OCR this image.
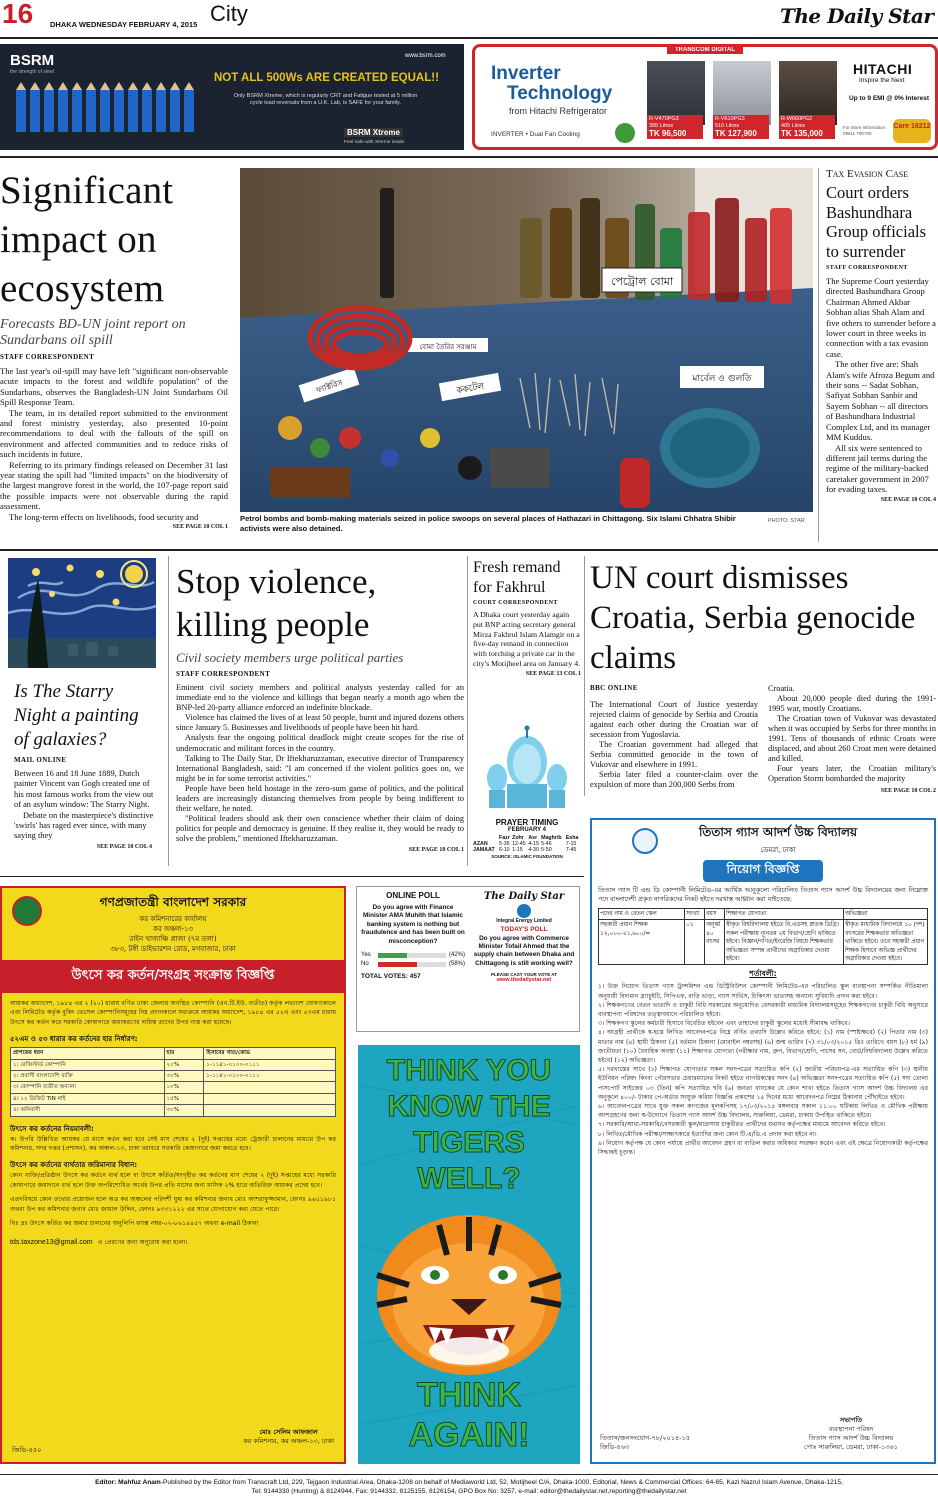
16 DHAKA WEDNESDAY FEBRUARY 4, 2015 City	The Daily Star
BSRM
the strength of steel
www.bsrm.com
NOT ALL 500Ws ARE CREATED EQUAL!!
Only BSRM Xtreme, which is regularly CRT and Fatigue tested at 5 million cycle load reversals from a U.K. Lab, is SAFE for your family.
BSRM Xtreme
Feel safe with Xtreme inside
TRANSCOM DIGITAL
Inverter
Technology
from Hitachi Refrigerator
INVERTER • Dual Fan Cooling
R-V470PG3
395 Litres
TK 96,500
R-V610PG3
510 Litres
TK 127,900
R-W660PG2
405 Litres
TK 135,000
HITACHI
Inspire the Next
Up to 9 EMI @ 0% Interest
For More Information 09611 700700
Care 16212
Significant impact on ecosystem
Forecasts BD-UN joint report on Sundarbans oil spill
STAFF CORRESPONDENT

The last year's oil-spill may have left "significant non-observable acute impacts to the forest and wildlife population" of the Sundarbans, observes the Bangladesh-UN Joint Sundarbans Oil Spill Response Team.

The team, in its detailed report submitted to the environment and forest ministry yesterday, also presented 10-point recommendations to deal with the fallouts of the spill on environment and affected communities and to reduce risks of such incidents in future.

Referring to its primary findings released on December 31 last year stating the spill had "limited impacts" on the biodiversity of the largest mangrove forest in the world, the 107-page report said the possible impacts were not observable during the rapid assessment.

The long-term effects on livelihoods, food security and

SEE PAGE 10 COL 1
পেট্রোল বোমা
ফ্যাক্টরিস	ককটেল
বোমা তৈরির সরঞ্জাম
মার্বেল ও গুলতি
Petrol bombs and bomb-making materials seized in police swoops on several places of Hathazari in Chittagong. Six Islami Chhatra Shibir activists were also detained.
PHOTO: STAR
Tax Evasion Case
Court orders Bashundhara Group officials to surrender
STAFF CORRESPONDENT

The Supreme Court yesterday directed Bashundhara Group Chairman Ahmed Akbar Sobhan alias Shah Alam and five others to surrender before a lower court in three weeks in connection with a tax evasion case.

The other five are: Shah Alam's wife Afroza Begum and their sons -- Sadat Sobhan, Safiyat Sobhan Sanbir and Sayem Sobhan -- all directors of Bashundhara Industrial Complex Ltd, and its manager MM Kuddus.

All six were sentenced to different jail terms during the regime of the military-backed caretaker government in 2007 for evading taxes.

SEE PAGE 10 COL 4
Is The Starry Night a painting of galaxies?
MAIL ONLINE

Between 16 and 18 June 1889, Dutch painter Vincent van Gogh created one of his most famous works from the view out of an asylum window: The Starry Night.

Debate on the masterpiece's distinctive 'swirls' has raged ever since, with many saying they

SEE PAGE 10 COL 4
Stop violence, killing people
Civil society members urge political parties
STAFF CORRESPONDENT

Eminent civil society members and political analysts yesterday called for an immediate end to the violence and killings that began nearly a month ago when the BNP-led 20-party alliance enforced an indefinite blockade.

Violence has claimed the lives of at least 50 people, burnt and injured dozens others since January 5. Businesses and livelihoods of people have been hit hard.

Analysts fear the ongoing political deadlock might create scopes for the rise of undemocratic and militant forces in the country.

Talking to The Daily Star, Dr Iftekharuzzaman, executive director of Transparency International Bangladesh, said: "I am concerned if the violent politics goes on, we might be in for some terrorist activities."

People have been held hostage in the zero-sum game of politics, and the political leaders are increasingly distancing themselves from people by being indifferent to their welfare, he noted.

"Political leaders should ask their own conscience whether their claim of doing politics for people and democracy is genuine. If they realise it, they would be ready to solve the problem," mentioned Iftekharuzzaman.

SEE PAGE 10 COL 1
Fresh remand for Fakhrul
COURT CORRESPONDENT

A Dhaka court yesterday again put BNP acting secretary general Mirza Fakhrul Islam Alamgir on a five-day remand in connection with torching a private car in the city's Motijheel area on January 4.

SEE PAGE 13 COL 1
PRAYER TIMING
FEBRUARY 4
	Fazr	Zohr	Asr	Maghrib	Esha
AZAN	5-35	12-45	4-15	5-46	7-15
JAMAAT	6-10	1-15	4-30	5-50	7-45
SOURCE: ISLAMIC FOUNDATION
UN court dismisses Croatia, Serbia genocide claims
BBC ONLINE

The International Court of Justice yesterday rejected claims of genocide by Serbia and Croatia against each other during the Croatian war of secession from Yugoslavia.

The Croatian government had alleged that Serbia committed genocide in the town of Vukovar and elsewhere in 1991.

Serbia later filed a counter-claim over the expulsion of more than 200,000 Serbs from

Croatia.

About 20,000 people died during the 1991-1995 war, mostly Croatians.

The Croatian town of Vukovar was devastated when it was occupied by Serbs for three months in 1991. Tens of thousands of ethnic Croats were displaced, and about 260 Croat men were detained and killed.

Four years later, the Croatian military's Operation Storm bombarded the majority

SEE PAGE 10 COL 2
তিতাস গ্যাস আদর্শ উচ্চ বিদ্যালয়
ডেমরা, ঢাকা
নিয়োগ বিজ্ঞপ্তি
তিতাস গ্যাস টি এন্ড ডি কোম্পানী লিমিটেড-এর আর্থিক আনুকূল্যে পরিচালিত তিতাস গ্যাস আদর্শ উচ্চ বিদ্যালয়ের জন্য নিম্নোক্ত পদে বাংলাদেশী প্রকৃত নাগরিকদের নিকট হইতে দরখাস্ত আহ্বান করা যাইতেছে:
পদের নাম ও বেতন স্কেল	সংখ্যা	বয়স	শিক্ষাগত যোগ্যতা	অভিজ্ঞতা
সহকারী প্রধান শিক্ষক ১২,০০০-২১,৬০০/=	০১	অনূর্ধ্ব ৪০ বৎসর	স্বীকৃত বিশ্ববিদ্যালয় হইতে বি.এডসহ স্নাতক ডিগ্রি। সকল পরীক্ষায় ন্যূনতম ২য় বিভাগ/শ্রেণি থাকিতে হইবে। বিজ্ঞান/গণিত/ইংরেজি বিষয়ে শিক্ষকতার অভিজ্ঞতা সম্পন্ন প্রার্থীদের অগ্রাধিকার দেওয়া হইবে।	স্বীকৃত মাধ্যমিক বিদ্যালয়ে ১০ (দশ) বৎসরের শিক্ষকতার অভিজ্ঞতা থাকিতে হইবে। তবে সহকারী প্রধান শিক্ষক হিসাবে অভিজ্ঞ প্রার্থীদের অগ্রাধিকার দেওয়া হইবে।
শর্তাবলী:
১। উক্ত নিয়োগ তিতাস গ্যাস ট্রান্সমিশন এন্ড ডিস্ট্রিবিউশন কোম্পানী লিমিটেড-এর পরিচালিত স্কুল ব্যবস্থাপনা সম্পর্কিত নীতিমালা অনুযায়ী বিদ্যমান গ্র্যাচুইটি, সিপিএফ, বাড়ি ভাড়া, গ্যাস সার্ভিস, চিকিৎসা ভাতাসহ অন্যান্য সুবিধাদি প্রদান করা হইবে।
২। শিক্ষকগণের বেতন ভাতাদি ও চাকুরী বিধি সরকারের অনুমোদিত বেসরকারী মাধ্যমিক বিদ্যালয়সমূহের শিক্ষকগণের চাকুরী বিধি অনুসারে ব্যবস্থাপনা পরিষদের তত্ত্বাবধানে পরিচালিত হইবে।
৩। শিক্ষকগণ স্কুলের কর্মচারী হিসাবে বিবেচিত হইবেন এবং তাহাদের চাকুরী স্কুলের মধ্যেই সীমাবদ্ধ থাকিবে।
৪। আগ্রহী প্রার্থীকে স্ব-হস্তে লিখিত আবেদনপত্রে নিম্নে বর্ণিত তথ্যাদি উল্লেখ করিতে হইবে: (১) নাম (স্পষ্টাক্ষরে) (২) পিতার নাম (৩) মাতার নাম (৪) স্থায়ী ঠিকানা (৫) বর্তমান ঠিকানা (মোবাইল নম্বরসহ) (৬) জন্ম তারিখ (৭) ৩১/০৩/২০১৫ খ্রিঃ তারিখে বয়স (৮) ধর্ম (৯) জাতীয়তা (১০) বৈবাহিক অবস্থা (১১) শিক্ষাগত যোগ্যতা (পরীক্ষার নাম, গ্রুপ, বিভাগ/শ্রেণি, পাসের সন, বোর্ড/বিশ্ববিদ্যালয় উল্লেখ করিতে হইবে) (১২) অভিজ্ঞতা।
৫। দরখাস্তের সাথে (১) শিক্ষাগত যোগ্যতার সকল সনদপত্রের সত্যায়িত কপি (২) জাতীয় পরিচয়পত্র-এর সত্যায়িত কপি (৩) স্থানীয় ইউনিয়ন পরিষদ কিংবা পৌরসভার চেয়ারম্যানের নিকট হইতে নাগরিকত্বের সনদ (৪) অভিজ্ঞতা সনদপত্রের সত্যায়িত কপি (৫) সদ্য তোলা পাসপোর্ট সাইজের ০৩ (তিন) কপি সত্যায়িত ছবি (৬) জনতা ব্যাংকের যে কোন শাখা হইতে তিতাস গ্যাস আদর্শ উচ্চ বিদ্যালয় এর অনুকূলে ৪০০/- টাকার পে-অর্ডার সংযুক্ত করিয়া বিজ্ঞপ্তি প্রকাশের ১৫ দিনের মধ্যে আবেদনপত্র নিম্নের ঠিকানায় পৌঁছাইতে হইবে।
৬। আবেদনপত্রের সাথে যুক্ত সকল কাগজের মূলকপিসহ ১৭/০৩/২০১৫ মঙ্গলবার সকাল ১১:০০ ঘটিকায় লিখিত ও মৌখিক পরীক্ষায় অংশগ্রহণের জন্য স্ব-উদ্যোগে তিতাস গ্যাস আদর্শ উচ্চ বিদ্যালয়, সারুলিয়া, ডেমরা, ঢাকায় উপস্থিত থাকিতে হইবে।
৭। সরকারি/আধা-সরকারি/বেসরকারী স্কুল/মাদ্রাসায় চাকুরীরত প্রার্থীদের যথাযথ কর্তৃপক্ষের মাধ্যমে আবেদন করিতে হইবে।
৮। লিখিত/মৌখিক পরীক্ষা/সাক্ষাৎকারে ইত্যাদির জন্য কোন টি.এ/ডি.এ প্রদান করা হইবে না।
৯। নিয়োগ কর্তৃপক্ষ যে কোন পর্যায়ে প্রার্থীর আবেদন গ্রহণ বা বাতিল করার অধিকার সংরক্ষণ করেন এবং এই ক্ষেত্রে নিয়োগকারী কর্তৃপক্ষের সিদ্ধান্তই চূড়ান্ত।
সভাপতি
ব্যবস্থাপনা পরিষদ
তিতাস গ্যাস আদর্শ উচ্চ বিদ্যালয়
পোঃ সারুলিয়া, ডেমরা, ঢাকা-১৩৬১
তিতাস/জনসংযোগ-৭৮/২০১৪-১৫
জিডি-৪৬৩
গণপ্রজাতন্ত্রী বাংলাদেশ সরকার
কর কমিশনারের কার্যালয়
কর অঞ্চল-১৩
রাইন খাজাঞ্চি প্লাজা (৭ম তলা)
৩৮৩, টঙ্গী ডাইভারশন রোড, মগবাজার, ঢাকা
উৎসে কর কর্তন/সংগ্রহ সংক্রান্ত বিজ্ঞপ্তি
আয়কর অধ্যাদেশ, ১৯৮৪ এর ২ (২০) ধারায় বর্ণিত ঢাকা জেলায় অবস্থিত কোম্পানি (এন.টি.ইউ. ব্যতীত) কর্তৃক লভ্যাংশ ঘোষণাকালে এবং লিমিটেড কর্তৃক বুকিং ভেসেল কোম্পানিসমূহের নিম্ন প্রদানকালে যথাক্রমে আয়কর অধ্যাদেশ, ১৯৮৪ এর ৫২এ এবং ৫৩এম ধারায় উৎসে কর কর্তন করে সরকারি কোষাগারে জমাকরণের দায়িত্ব তাদের উপর ন্যস্ত করা হয়েছে।
৫২এম ও ৫৩ ধারার কর কর্তনের হার নির্ধারণ:
প্রাপকের ধরন	হার	হিসাবের খাত/কোড
১। রেজিস্টার্ড কোম্পানি	২০%	১-১১৪১-০১০০-০১১১
২। প্রবাসী বাংলাদেশি ব্যক্তি	৩০%	১-১১৪১-০১০০-০১১১
৩। কোম্পানি ব্যতীত অন্যান্য	১০%	
৪। ১২ ডিজিট TIN নাই	১৫%	
৫। অনিবাসী	৩০%	
উৎসে কর কর্তনের নিয়মাবলী:
ক। উপরি উল্লিখিত আয়কর যে মাসে কর্তন করা হবে সেই মাস শেষের ২ (দুই) সপ্তাহের মধ্যে ট্রেজারী চালানের মাধ্যমে উপ কর কমিশনার, সদর দপ্তর (প্রশাসন), কর অঞ্চল-১৩, ঢাকা বরাবরে সরকারি কোষাগারে জমা করতে হবে।
উৎসে কর কর্তনের ব্যর্থতার জরিমানার বিধান:
কোন ব্যক্তি/প্রতিষ্ঠান উৎসে কর কর্তনে ব্যর্থ হলে বা উৎসে কর্তিত/সংগৃহীত কর কর্তনের মাস শেষের ২ (দুই) সপ্তাহের মধ্যে সরকারি কোষাগারে জমাদানে ব্যর্থ হলে উক্ত অপরিশোধিত অর্থের উপর প্রতি মাসের জন্য মাসিক ২% হারে অতিরিক্ত আয়কর প্রদেয় হবে।
এতদবিষয়ে কোন তথ্যের প্রয়োজন হলে অত্র কর অঞ্চলের পরিদর্শী যুগ্ম কর কমিশনার জনাব মোঃ আশরাফুজ্জামান, ফোনঃ ৯৬৫১৯৮১ অথবা উপ কর কমিশনার জনাব মোঃ জামাল উদ্দিন, ফোনঃ ৯৩৩১২২২ এর সাথে যোগাযোগ করা যেতে পারে।
বিঃ দ্রঃ উৎসে কর্তিত কর জমার চালানের অনুলিপি ফ্যাক্স নম্বর-০২-৮৬১৯৪৫৭ অথবা e-mail ঠিকানা
tds.taxzone13@gmail.com এ প্রেরণের জন্য অনুরোধ করা হলো।
মোঃ সেলিম আফজাল
কর কমিশনার, কর অঞ্চল-১৩, ঢাকা
জিডি-৪৫০
ONLINE POLL
Do you agree with Finance Minister AMA Muhith that Islamic banking system is nothing but fraudulence and has been built on misconception?
Yes	(42%)
No	(58%)
TOTAL VOTES: 457
The Daily Star
Integral Energy Limited
TODAY'S POLL
Do you agree with Commerce Minister Tofail Ahmed that the supply chain between Dhaka and Chittagong is still working well?
PLEASE CAST YOUR VOTE AT
www.thedailystar.net
THINK YOU KNOW THE TIGERS WELL?
THINK AGAIN!
Editor: Mahfuz Anam-Published by the Editor from Transcraft Ltd, 229, Tejgaon Industrial Area, Dhaka-1208 on behalf of Mediaworld Ltd, 52, Motijheel C/A, Dhaka-1000. Editorial, News & Commercial Offices: 64-65, Kazi Nazrul Islam Avenue, Dhaka-1215,
Tel: 9144330 (Hunting) & 8124944, Fax: 9144332, 8125155, 8126154, GPO Box No: 3257, e-mail: editor@thedailystar.net,reporting@thedailystar.net
